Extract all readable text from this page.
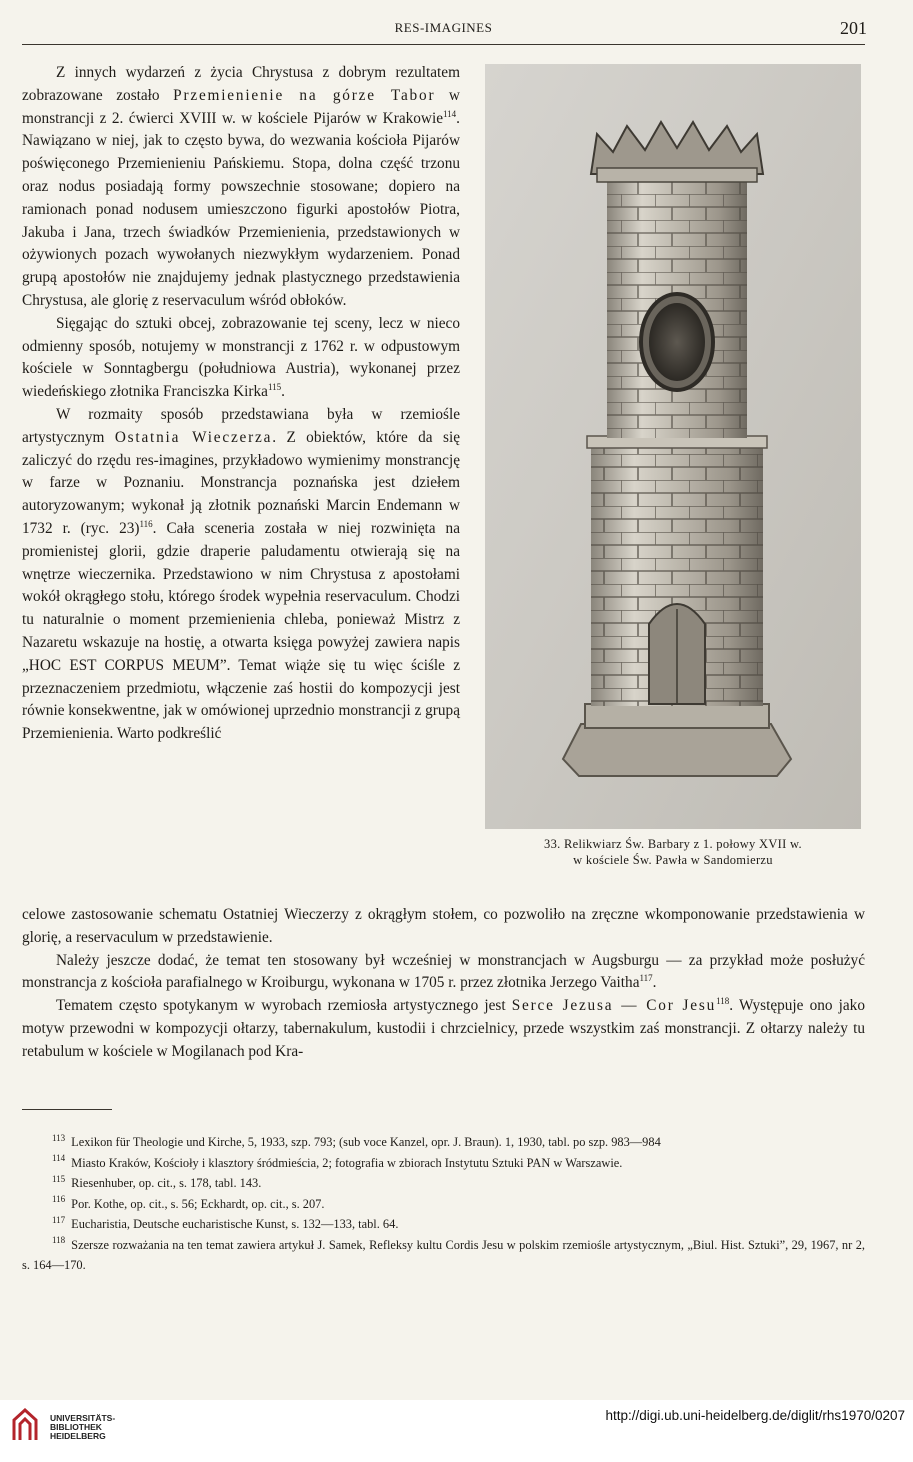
RES-IMAGINES	201

Z innych wydarzeń z życia Chrystusa z dobrym rezultatem zobrazowane zostało Przemienienie na górze Tabor w monstrancji z 2. ćwierci XVIII w. w kościele Pijarów w Krakowie$^{114}$. Nawiązano w niej, jak to często bywa, do wezwania kościoła Pijarów poświęconego Przemienieniu Pańskiemu. Stopa, dolna część trzonu oraz nodus posiadają formy powszechnie stosowane; dopiero na ramionach ponad nodusem umieszczono figurki apostołów Piotra, Jakuba i Jana, trzech świadków Przemienienia, przedstawionych w ożywionych pozach wywołanych niezwykłym wydarzeniem. Ponad grupą apostołów nie znajdujemy jednak plastycznego przedstawienia Chrystusa, ale glorię z reservaculum wśród obłoków.

Sięgając do sztuki obcej, zobrazowanie tej sceny, lecz w nieco odmienny sposób, notujemy w monstrancji z 1762 r. w odpustowym kościele w Sonntagbergu (południowa Austria), wykonanej przez wiedeńskiego złotnika Franciszka Kirka$^{115}$.

W rozmaity sposób przedstawiana była w rzemiośle artystycznym Ostatnia Wieczerza. Z obiektów, które da się zaliczyć do rzędu res-imagines, przykładowo wymienimy monstrancję w farze w Poznaniu. Monstrancja poznańska jest dziełem autoryzowanym; wykonał ją złotnik poznański Marcin Endemann w 1732 r. (ryc. 23)$^{116}$. Cała sceneria została w niej rozwinięta na promienistej glorii, gdzie draperie paludamentu otwierają się na wnętrze wieczernika. Przedstawiono w nim Chrystusa z apostołami wokół okrągłego stołu, którego środek wypełnia reservaculum. Chodzi tu naturalnie o moment przemienienia chleba, ponieważ Mistrz z Nazaretu wskazuje na hostię, a otwarta księga powyżej zawiera napis „HOC EST CORPUS MEUM”. Temat wiąże się tu więc ściśle z przeznaczeniem przedmiotu, włączenie zaś hostii do kompozycji jest równie konsekwentne, jak w omówionej uprzednio monstrancji z grupą Przemienienia. Warto podkreślić

33. Relikwiarz Św. Barbary z 1. połowy XVII w.
w kościele Św. Pawła w Sandomierzu

celowe zastosowanie schematu Ostatniej Wieczerzy z okrągłym stołem, co pozwoliło na zręczne wkomponowanie przedstawienia w glorię, a reservaculum w przedstawienie.

Należy jeszcze dodać, że temat ten stosowany był wcześniej w monstrancjach w Augsburgu — za przykład może posłużyć monstrancja z kościoła parafialnego w Kroiburgu, wykonana w 1705 r. przez złotnika Jerzego Vaitha$^{117}$.

Tematem często spotykanym w wyrobach rzemiosła artystycznego jest Serce Jezusa — Cor Jesu$^{118}$. Występuje ono jako motyw przewodni w kompozycji ołtarzy, tabernakulum, kustodii i chrzcielnicy, przede wszystkim zaś monstrancji. Z ołtarzy należy tu retabulum w kościele w Mogilanach pod Kra-

$^{113}$ Lexikon für Theologie und Kirche, 5, 1933, szp. 793; (sub voce Kanzel, opr. J. Braun). 1, 1930, tabl. po szp. 983—984
$^{114}$ Miasto Kraków, Kościoły i klasztory śródmieścia, 2; fotografia w zbiorach Instytutu Sztuki PAN w Warszawie.
$^{115}$ Riesenhuber, op. cit., s. 178, tabl. 143.
$^{116}$ Por. Kothe, op. cit., s. 56; Eckhardt, op. cit., s. 207.
$^{117}$ Eucharistia, Deutsche eucharistische Kunst, s. 132—133, tabl. 64.
$^{118}$ Szersze rozważania na ten temat zawiera artykuł J. Samek, Refleksy kultu Cordis Jesu w polskim rzemiośle artystycznym, „Biul. Hist. Sztuki”, 29, 1967, nr 2, s. 164—170.
UNIVERSITÄTS-
BIBLIOTHEK
HEIDELBERG
http://digi.ub.uni-heidelberg.de/diglit/rhs1970/0207
